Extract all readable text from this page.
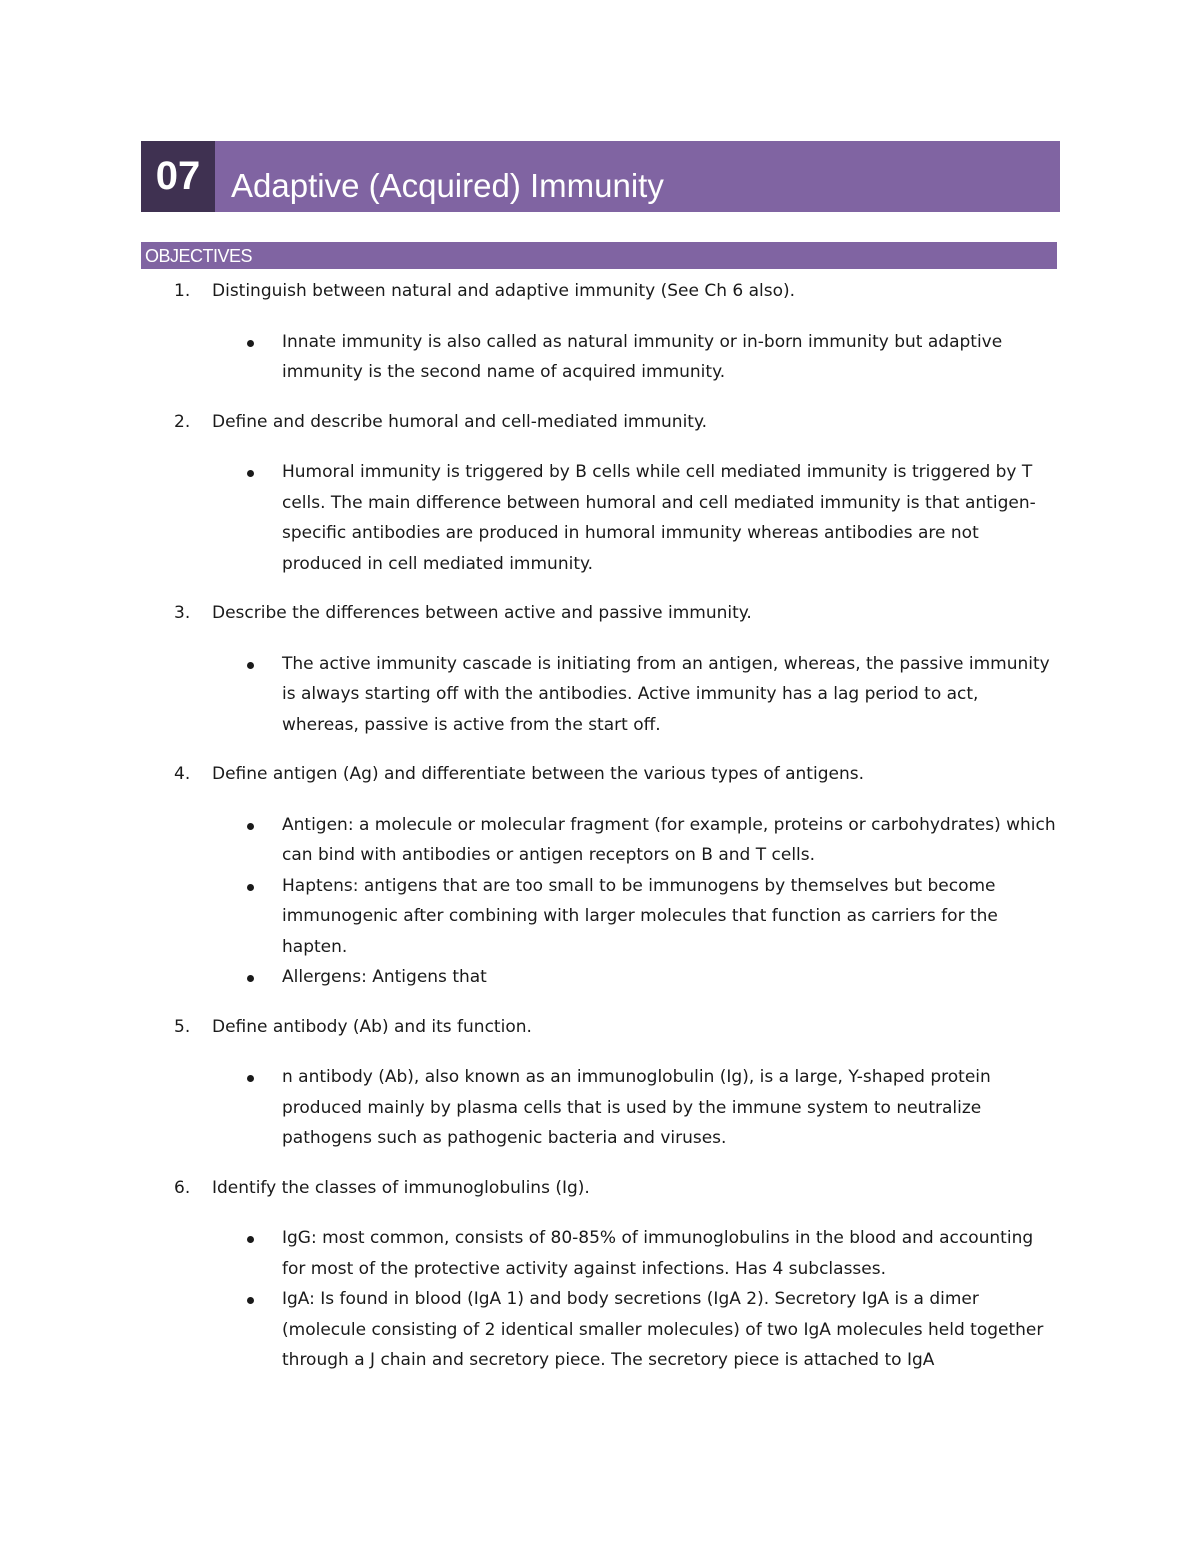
07 Adaptive (Acquired) Immunity
OBJECTIVES
1.	Distinguish between natural and adaptive immunity (See Ch 6 also).
Innate immunity is also called as natural immunity or in-born immunity but adaptive immunity is the second name of acquired immunity.
2.	Define and describe humoral and cell-mediated immunity.
Humoral immunity is triggered by B cells while cell mediated immunity is triggered by T cells. The main difference between humoral and cell mediated immunity is that antigen-specific antibodies are produced in humoral immunity whereas antibodies are not produced in cell mediated immunity.
3.	Describe the differences between active and passive immunity.
The active immunity cascade is initiating from an antigen, whereas, the passive immunity is always starting off with the antibodies. Active immunity has a lag period to act, whereas, passive is active from the start off.
4.	Define antigen (Ag) and differentiate between the various types of antigens.
Antigen: a molecule or molecular fragment (for example, proteins or carbohydrates) which can bind with antibodies or antigen receptors on B and T cells.
Haptens: antigens that are too small to be immunogens by themselves but become immunogenic after combining with larger molecules that function as carriers for the hapten.
Allergens: Antigens that
5.	Define antibody (Ab) and its function.
n antibody (Ab), also known as an immunoglobulin (Ig), is a large, Y-shaped protein produced mainly by plasma cells that is used by the immune system to neutralize pathogens such as pathogenic bacteria and viruses.
6.	Identify the classes of immunoglobulins (Ig).
IgG: most common, consists of 80-85% of immunoglobulins in the blood and accounting for most of the protective activity against infections. Has 4 subclasses.
IgA: Is found in blood (IgA 1) and body secretions (IgA 2). Secretory IgA is a dimer (molecule consisting of 2 identical smaller molecules) of two IgA molecules held together through a J chain and secretory piece. The secretory piece is attached to IgA
